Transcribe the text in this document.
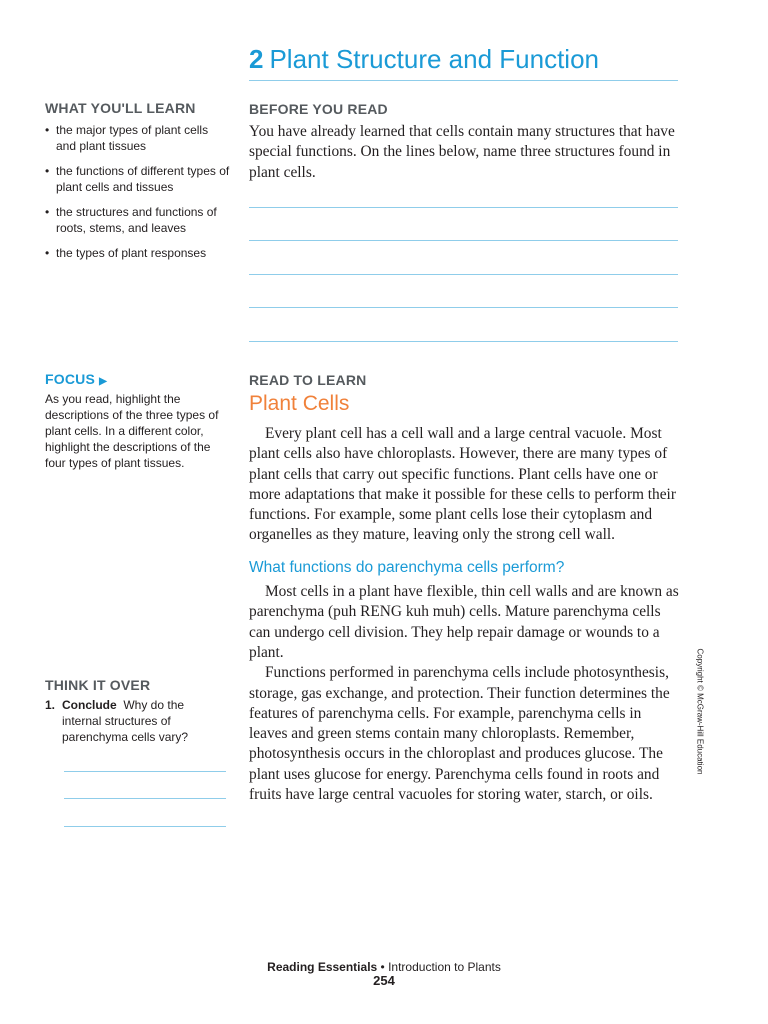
2 Plant Structure and Function
WHAT YOU'LL LEARN
• the major types of plant cells and plant tissues
• the functions of different types of plant cells and tissues
• the structures and functions of roots, stems, and leaves
• the types of plant responses
BEFORE YOU READ
You have already learned that cells contain many structures that have special functions. On the lines below, name three structures found in plant cells.
FOCUS ▶
As you read, highlight the descriptions of the three types of plant cells. In a different color, highlight the descriptions of the four types of plant tissues.
READ TO LEARN
Plant Cells

Every plant cell has a cell wall and a large central vacuole. Most plant cells also have chloroplasts. However, there are many types of plant cells that carry out specific functions. Plant cells have one or more adaptations that make it possible for these cells to perform their functions. For example, some plant cells lose their cytoplasm and organelles as they mature, leaving only the strong cell wall.

What functions do parenchyma cells perform?

Most cells in a plant have flexible, thin cell walls and are known as parenchyma (puh RENG kuh muh) cells. Mature parenchyma cells can undergo cell division. They help repair damage or wounds to a plant.

Functions performed in parenchyma cells include photosynthesis, storage, gas exchange, and protection. Their function determines the features of parenchyma cells. For example, parenchyma cells in leaves and green stems contain many chloroplasts. Remember, photosynthesis occurs in the chloroplast and produces glucose. The plant uses glucose for energy. Parenchyma cells found in roots and fruits have large central vacuoles for storing water, starch, or oils.

THINK IT OVER
1. Conclude Why do the internal structures of parenchyma cells vary?	Copyright © McGraw-Hill Education
Reading Essentials • Introduction to Plants
254
